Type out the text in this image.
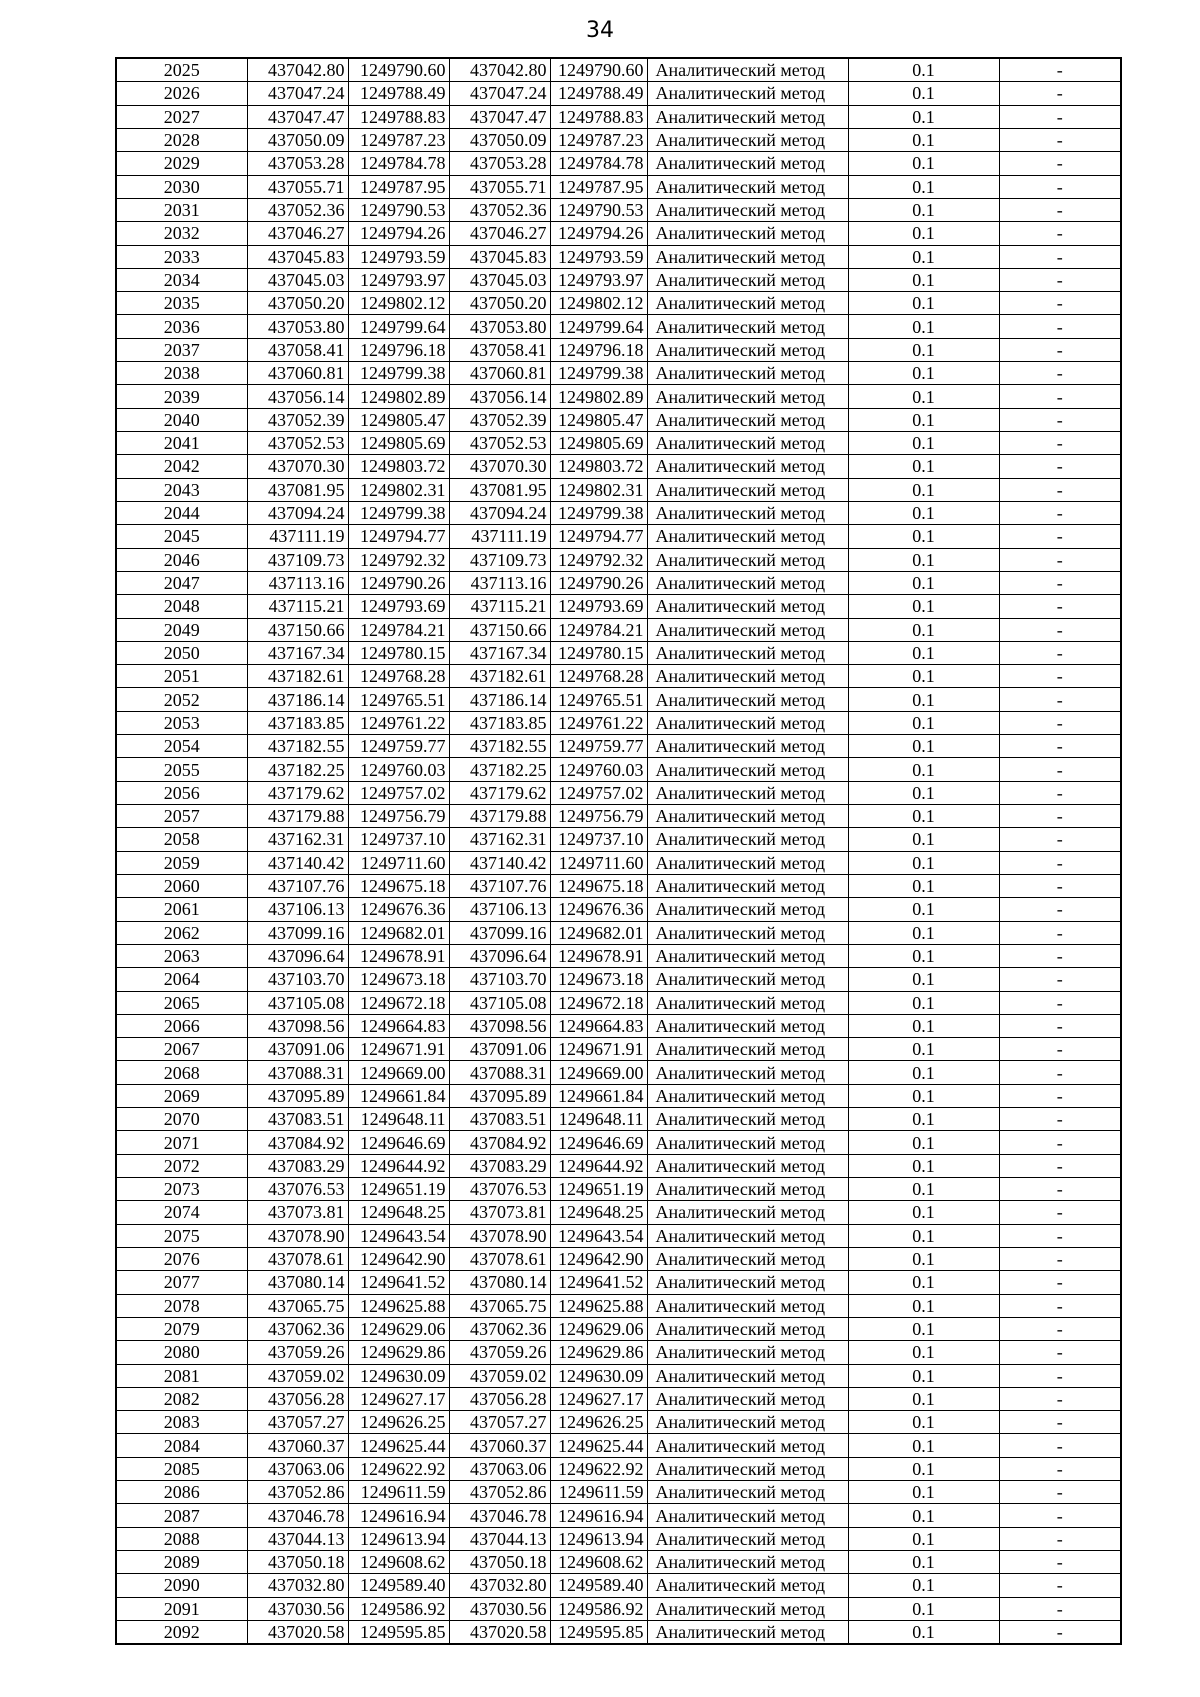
34
2025	437042.80	1249790.60	437042.80	1249790.60	Аналитический метод	0.1	-
2026	437047.24	1249788.49	437047.24	1249788.49	Аналитический метод	0.1	-
2027	437047.47	1249788.83	437047.47	1249788.83	Аналитический метод	0.1	-
2028	437050.09	1249787.23	437050.09	1249787.23	Аналитический метод	0.1	-
2029	437053.28	1249784.78	437053.28	1249784.78	Аналитический метод	0.1	-
2030	437055.71	1249787.95	437055.71	1249787.95	Аналитический метод	0.1	-
2031	437052.36	1249790.53	437052.36	1249790.53	Аналитический метод	0.1	-
2032	437046.27	1249794.26	437046.27	1249794.26	Аналитический метод	0.1	-
2033	437045.83	1249793.59	437045.83	1249793.59	Аналитический метод	0.1	-
2034	437045.03	1249793.97	437045.03	1249793.97	Аналитический метод	0.1	-
2035	437050.20	1249802.12	437050.20	1249802.12	Аналитический метод	0.1	-
2036	437053.80	1249799.64	437053.80	1249799.64	Аналитический метод	0.1	-
2037	437058.41	1249796.18	437058.41	1249796.18	Аналитический метод	0.1	-
2038	437060.81	1249799.38	437060.81	1249799.38	Аналитический метод	0.1	-
2039	437056.14	1249802.89	437056.14	1249802.89	Аналитический метод	0.1	-
2040	437052.39	1249805.47	437052.39	1249805.47	Аналитический метод	0.1	-
2041	437052.53	1249805.69	437052.53	1249805.69	Аналитический метод	0.1	-
2042	437070.30	1249803.72	437070.30	1249803.72	Аналитический метод	0.1	-
2043	437081.95	1249802.31	437081.95	1249802.31	Аналитический метод	0.1	-
2044	437094.24	1249799.38	437094.24	1249799.38	Аналитический метод	0.1	-
2045	437111.19	1249794.77	437111.19	1249794.77	Аналитический метод	0.1	-
2046	437109.73	1249792.32	437109.73	1249792.32	Аналитический метод	0.1	-
2047	437113.16	1249790.26	437113.16	1249790.26	Аналитический метод	0.1	-
2048	437115.21	1249793.69	437115.21	1249793.69	Аналитический метод	0.1	-
2049	437150.66	1249784.21	437150.66	1249784.21	Аналитический метод	0.1	-
2050	437167.34	1249780.15	437167.34	1249780.15	Аналитический метод	0.1	-
2051	437182.61	1249768.28	437182.61	1249768.28	Аналитический метод	0.1	-
2052	437186.14	1249765.51	437186.14	1249765.51	Аналитический метод	0.1	-
2053	437183.85	1249761.22	437183.85	1249761.22	Аналитический метод	0.1	-
2054	437182.55	1249759.77	437182.55	1249759.77	Аналитический метод	0.1	-
2055	437182.25	1249760.03	437182.25	1249760.03	Аналитический метод	0.1	-
2056	437179.62	1249757.02	437179.62	1249757.02	Аналитический метод	0.1	-
2057	437179.88	1249756.79	437179.88	1249756.79	Аналитический метод	0.1	-
2058	437162.31	1249737.10	437162.31	1249737.10	Аналитический метод	0.1	-
2059	437140.42	1249711.60	437140.42	1249711.60	Аналитический метод	0.1	-
2060	437107.76	1249675.18	437107.76	1249675.18	Аналитический метод	0.1	-
2061	437106.13	1249676.36	437106.13	1249676.36	Аналитический метод	0.1	-
2062	437099.16	1249682.01	437099.16	1249682.01	Аналитический метод	0.1	-
2063	437096.64	1249678.91	437096.64	1249678.91	Аналитический метод	0.1	-
2064	437103.70	1249673.18	437103.70	1249673.18	Аналитический метод	0.1	-
2065	437105.08	1249672.18	437105.08	1249672.18	Аналитический метод	0.1	-
2066	437098.56	1249664.83	437098.56	1249664.83	Аналитический метод	0.1	-
2067	437091.06	1249671.91	437091.06	1249671.91	Аналитический метод	0.1	-
2068	437088.31	1249669.00	437088.31	1249669.00	Аналитический метод	0.1	-
2069	437095.89	1249661.84	437095.89	1249661.84	Аналитический метод	0.1	-
2070	437083.51	1249648.11	437083.51	1249648.11	Аналитический метод	0.1	-
2071	437084.92	1249646.69	437084.92	1249646.69	Аналитический метод	0.1	-
2072	437083.29	1249644.92	437083.29	1249644.92	Аналитический метод	0.1	-
2073	437076.53	1249651.19	437076.53	1249651.19	Аналитический метод	0.1	-
2074	437073.81	1249648.25	437073.81	1249648.25	Аналитический метод	0.1	-
2075	437078.90	1249643.54	437078.90	1249643.54	Аналитический метод	0.1	-
2076	437078.61	1249642.90	437078.61	1249642.90	Аналитический метод	0.1	-
2077	437080.14	1249641.52	437080.14	1249641.52	Аналитический метод	0.1	-
2078	437065.75	1249625.88	437065.75	1249625.88	Аналитический метод	0.1	-
2079	437062.36	1249629.06	437062.36	1249629.06	Аналитический метод	0.1	-
2080	437059.26	1249629.86	437059.26	1249629.86	Аналитический метод	0.1	-
2081	437059.02	1249630.09	437059.02	1249630.09	Аналитический метод	0.1	-
2082	437056.28	1249627.17	437056.28	1249627.17	Аналитический метод	0.1	-
2083	437057.27	1249626.25	437057.27	1249626.25	Аналитический метод	0.1	-
2084	437060.37	1249625.44	437060.37	1249625.44	Аналитический метод	0.1	-
2085	437063.06	1249622.92	437063.06	1249622.92	Аналитический метод	0.1	-
2086	437052.86	1249611.59	437052.86	1249611.59	Аналитический метод	0.1	-
2087	437046.78	1249616.94	437046.78	1249616.94	Аналитический метод	0.1	-
2088	437044.13	1249613.94	437044.13	1249613.94	Аналитический метод	0.1	-
2089	437050.18	1249608.62	437050.18	1249608.62	Аналитический метод	0.1	-
2090	437032.80	1249589.40	437032.80	1249589.40	Аналитический метод	0.1	-
2091	437030.56	1249586.92	437030.56	1249586.92	Аналитический метод	0.1	-
2092	437020.58	1249595.85	437020.58	1249595.85	Аналитический метод	0.1	-
